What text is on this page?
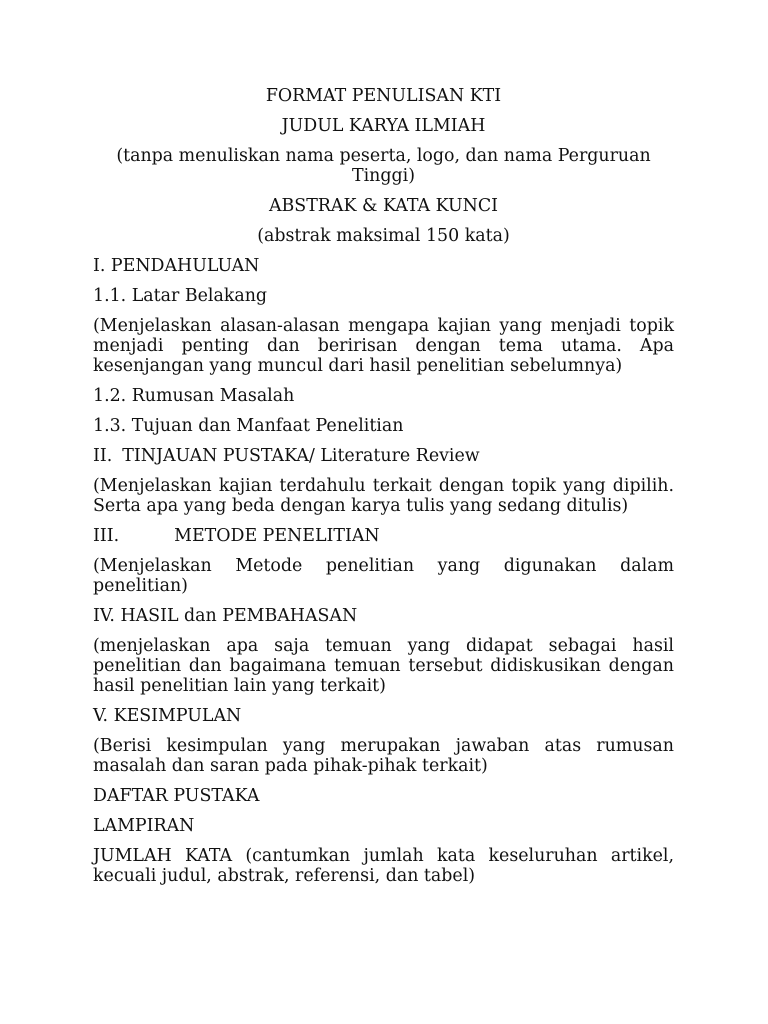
FORMAT PENULISAN KTI

JUDUL KARYA ILMIAH

(tanpa menuliskan nama peserta, logo, dan nama Perguruan Tinggi)

ABSTRAK & KATA KUNCI

(abstrak maksimal 150 kata)

I. PENDAHULUAN

1.1. Latar Belakang

(Menjelaskan alasan-alasan mengapa kajian yang menjadi topik menjadi penting dan beririsan dengan tema utama. Apa kesenjangan yang muncul dari hasil penelitian sebelumnya)

1.2. Rumusan Masalah

1.3. Tujuan dan Manfaat Penelitian

II. TINJAUAN PUSTAKA/ Literature Review

(Menjelaskan kajian terdahulu terkait dengan topik yang dipilih. Serta apa yang beda dengan karya tulis yang sedang ditulis)

III.	METODE PENELITIAN

(Menjelaskan Metode penelitian yang digunakan dalam penelitian)

IV. HASIL dan PEMBAHASAN

(menjelaskan apa saja temuan yang didapat sebagai hasil penelitian dan bagaimana temuan tersebut didiskusikan dengan hasil penelitian lain yang terkait)

V. KESIMPULAN

(Berisi kesimpulan yang merupakan jawaban atas rumusan masalah dan saran pada pihak-pihak terkait)

DAFTAR PUSTAKA

LAMPIRAN

JUMLAH KATA (cantumkan jumlah kata keseluruhan artikel, kecuali judul, abstrak, referensi, dan tabel)
